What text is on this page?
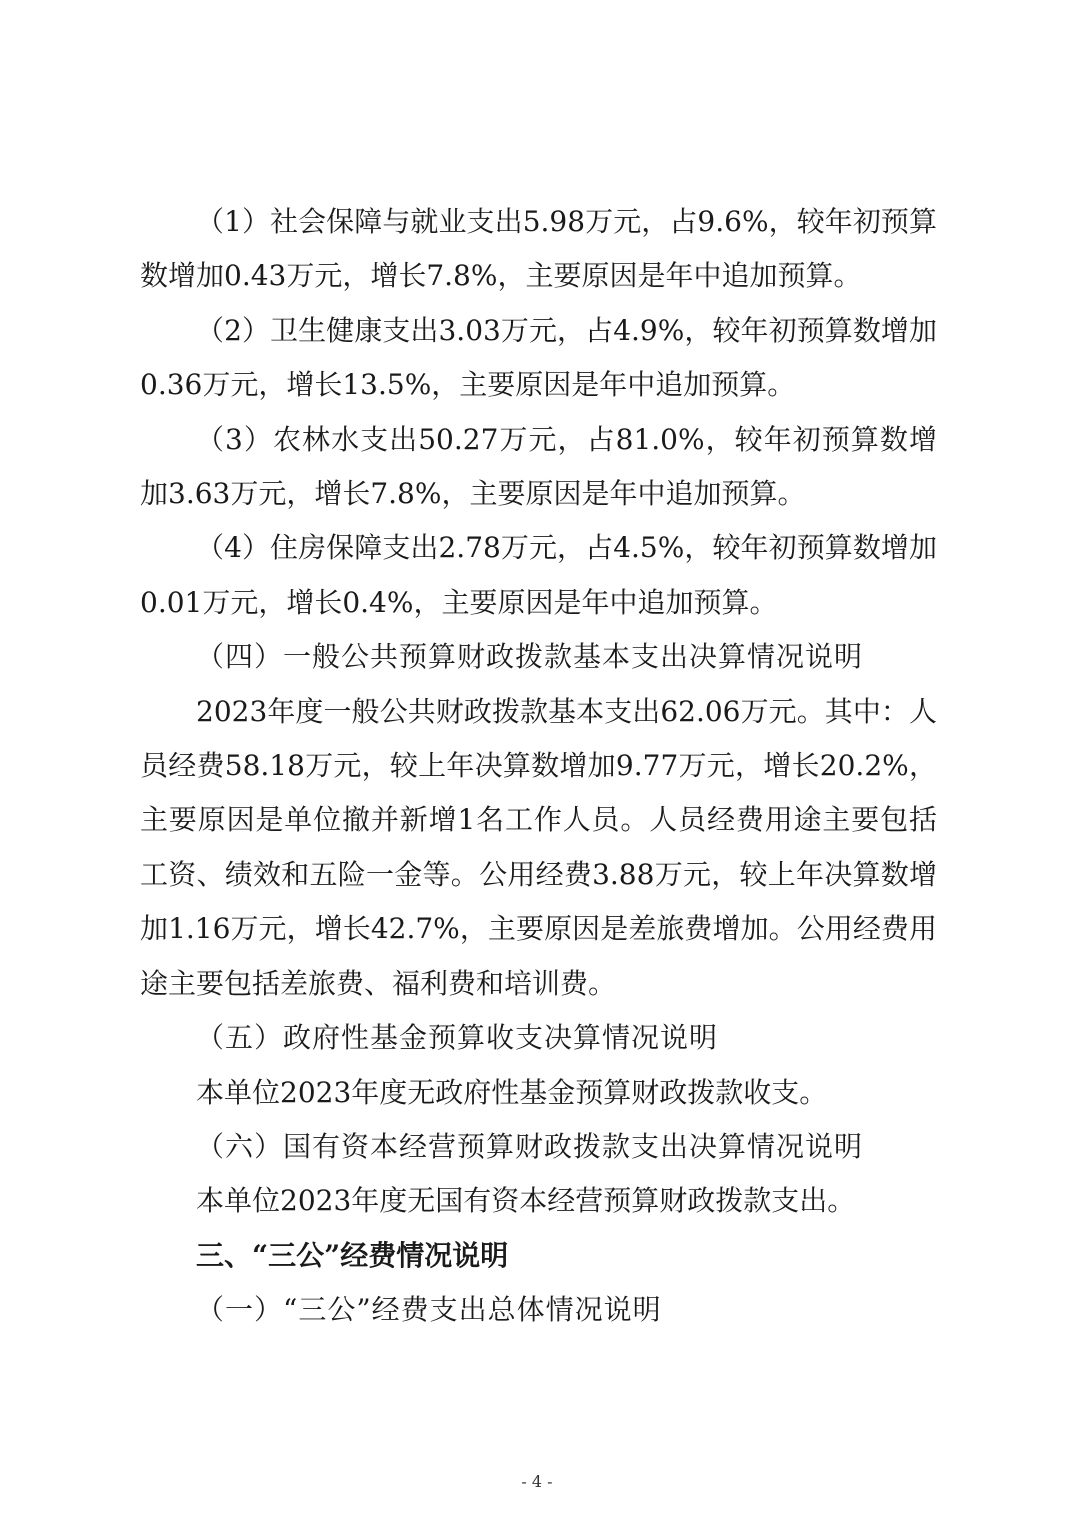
（1）社会保障与就业支出5.98万元，占9.6%，较年初预算数增加0.43万元，增长7.8%，主要原因是年中追加预算。

（2）卫生健康支出3.03万元，占4.9%，较年初预算数增加0.36万元，增长13.5%，主要原因是年中追加预算。

（3）农林水支出50.27万元，占81.0%，较年初预算数增加3.63万元，增长7.8%，主要原因是年中追加预算。

（4）住房保障支出2.78万元，占4.5%，较年初预算数增加0.01万元，增长0.4%，主要原因是年中追加预算。

（四）一般公共预算财政拨款基本支出决算情况说明

2023年度一般公共财政拨款基本支出62.06万元。其中：人员经费58.18万元，较上年决算数增加9.77万元，增长20.2%，主要原因是单位撤并新增1名工作人员。人员经费用途主要包括工资、绩效和五险一金等。公用经费3.88万元，较上年决算数增加1.16万元，增长42.7%，主要原因是差旅费增加。公用经费用途主要包括差旅费、福利费和培训费。

（五）政府性基金预算收支决算情况说明

本单位2023年度无政府性基金预算财政拨款收支。

（六）国有资本经营预算财政拨款支出决算情况说明

本单位2023年度无国有资本经营预算财政拨款支出。

三、“三公”经费情况说明

（一）“三公”经费支出总体情况说明

- 4 -
